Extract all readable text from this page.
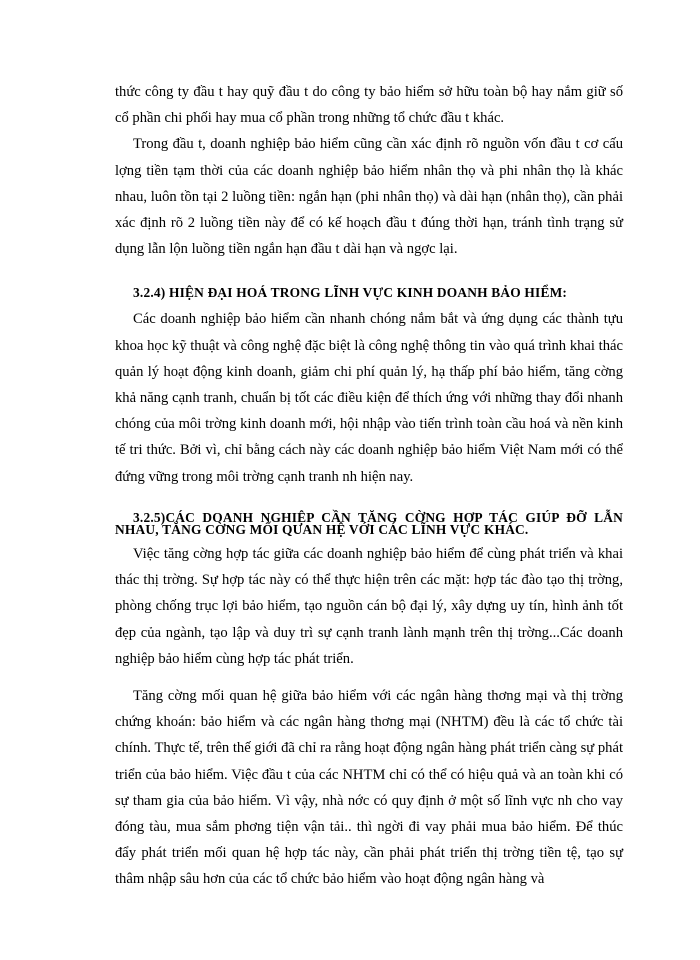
thức công ty đầu t hay quỹ đầu t do công ty bảo hiểm sở hữu toàn bộ hay nắm giữ số cổ phần chi phối hay mua cổ phần trong những tổ chức đầu t khác.

Trong đầu t, doanh nghiệp bảo hiểm cũng cần xác định rõ nguồn vốn đầu t cơ cấu lợng tiền tạm thời của các doanh nghiệp bảo hiểm nhân thọ và phi nhân thọ là khác nhau, luôn tồn tại 2 luồng tiền: ngắn hạn (phi nhân thọ) và dài hạn (nhân thọ), cần phải xác định rõ 2 luồng tiền này để có kế hoạch đầu t đúng thời hạn, tránh tình trạng sử dụng lẫn lộn luồng tiền ngắn hạn đầu t dài hạn và ngợc lại.

3.2.4) HIỆN ĐẠI HOÁ TRONG LĨNH VỰC KINH DOANH BẢO HIỂM:

Các doanh nghiệp bảo hiểm cần nhanh chóng nắm bắt và ứng dụng các thành tựu khoa học kỹ thuật và công nghệ đặc biệt là công nghệ thông tin vào quá trình khai thác quản lý hoạt động kinh doanh, giảm chi phí quản lý, hạ thấp phí bảo hiểm, tăng cờng khả năng cạnh tranh, chuẩn bị tốt các điều kiện để thích ứng với những thay đổi nhanh chóng của môi trờng kinh doanh mới, hội nhập vào tiến trình toàn cầu hoá và nền kinh tế tri thức. Bởi vì, chỉ bằng cách này các doanh nghiệp bảo hiểm Việt Nam mới có thể đứng vững trong môi trờng cạnh tranh nh hiện nay.

3.2.5)CÁC DOANH NGHIỆP CẦN TĂNG CỜNG HỢP TÁC GIÚP ĐỠ LẪN NHAU, TĂNG CỜNG MỐI QUAN HỆ VỚI CÁC LĨNH VỰC KHÁC.

Việc tăng cờng hợp tác giữa các doanh nghiệp bảo hiểm để cùng phát triển và khai thác thị trờng. Sự hợp tác này có thể thực hiện trên các mặt: hợp tác đào tạo thị trờng, phòng chống trục lợi bảo hiểm, tạo nguồn cán bộ đại lý, xây dựng uy tín, hình ảnh tốt đẹp của ngành, tạo lập và duy trì sự cạnh tranh lành mạnh trên thị trờng...Các doanh nghiệp bảo hiểm cùng hợp tác phát triển.

Tăng cờng mối quan hệ giữa bảo hiểm với các ngân hàng thơng mại và thị trờng chứng khoán: bảo hiểm và các ngân hàng thơng mại (NHTM) đều là các tổ chức tài chính. Thực tế, trên thế giới đã chỉ ra rằng hoạt động ngân hàng phát triển càng sự phát triển của bảo hiểm. Việc đầu t của các NHTM chỉ có thể có hiệu quả và an toàn khi có sự tham gia của bảo hiểm. Vì vậy, nhà nớc có quy định ở một số lĩnh vực nh cho vay đóng tàu, mua sắm phơng tiện vận tải.. thì ngời đi vay phải mua bảo hiểm. Để thúc đẩy phát triển mối quan hệ hợp tác này, cần phải phát triển thị trờng tiền tệ, tạo sự thâm nhập sâu hơn của các tổ chức bảo hiểm vào hoạt động ngân hàng và
